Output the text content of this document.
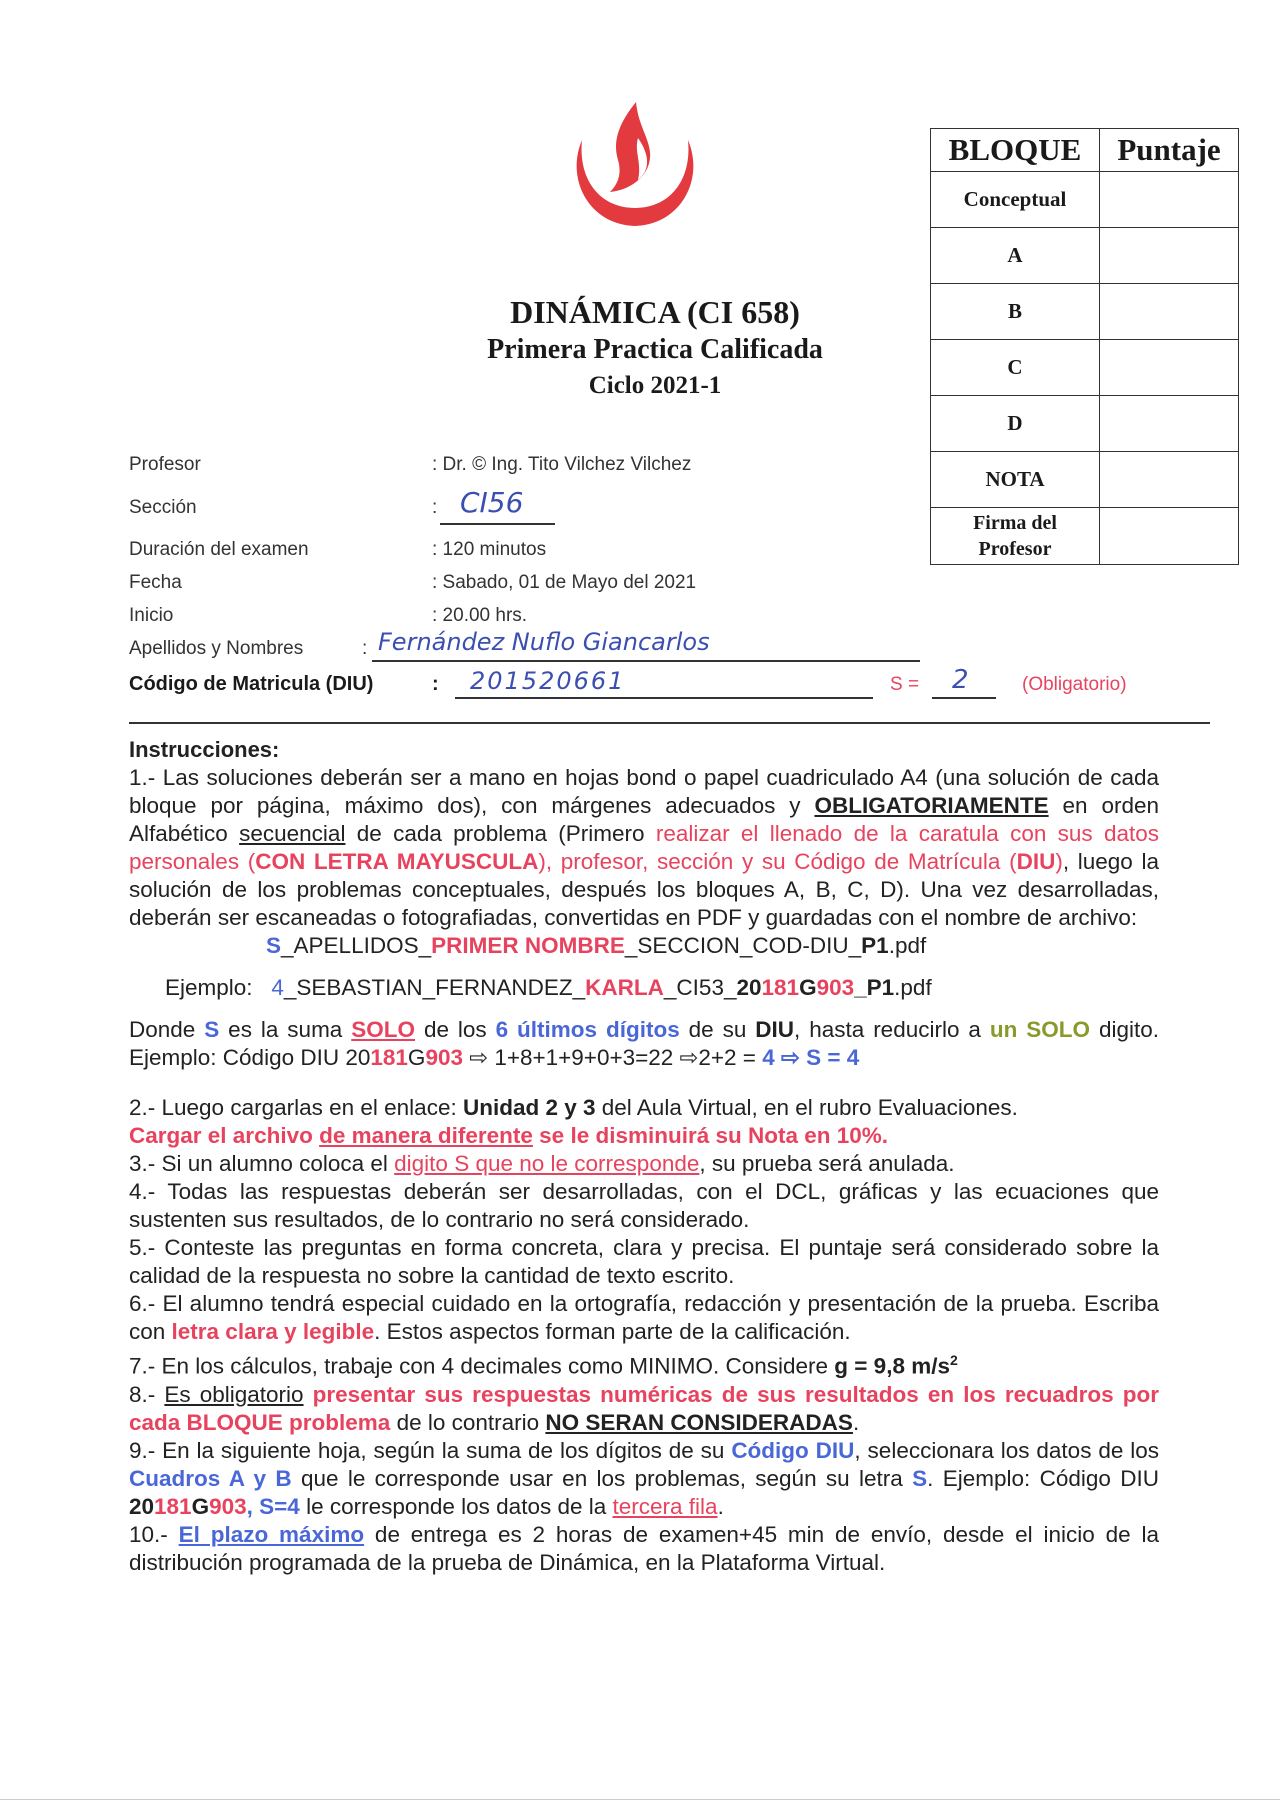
DINÁMICA (CI 658)
Primera Practica Calificada
Ciclo 2021-1
BLOQUE	Puntaje
Conceptual	
A	
B	
C	
D	
NOTA	
Firma del
Profesor	
Profesor	: Dr. © Ing. Tito Vilchez Vilchez
Sección	: CI56
Duración del examen	: 120 minutos
Fecha	: Sabado, 01 de Mayo del 2021
Inicio	: 20.00 hrs.
Apellidos y Nombres	: Fernández Nuflo Giancarlos
Código de Matricula (DIU)	: 201520661	S = 2	(Obligatorio)

Instrucciones:

1.- Las soluciones deberán ser a mano en hojas bond o papel cuadriculado A4 (una solución de cada bloque por página, máximo dos), con márgenes adecuados y OBLIGATORIAMENTE en orden Alfabético secuencial de cada problema (Primero realizar el llenado de la caratula con sus datos personales (CON LETRA MAYUSCULA), profesor, sección y su Código de Matrícula (DIU), luego la solución de los problemas conceptuales, después los bloques A, B, C, D). Una vez desarrolladas, deberán ser escaneadas o fotografiadas, convertidas en PDF y guardadas con el nombre de archivo:

S_APELLIDOS_PRIMER NOMBRE_SECCION_COD-DIU_P1.pdf

Ejemplo: 4_SEBASTIAN_FERNANDEZ_KARLA_CI53_20181G903_P1.pdf

Donde S es la suma SOLO de los 6 últimos dígitos de su DIU, hasta reducirlo a un SOLO digito. Ejemplo: Código DIU 20181G903 ⇨ 1+8+1+9+0+3=22 ⇨2+2 = 4 ⇨ S = 4

2.- Luego cargarlas en el enlace: Unidad 2 y 3 del Aula Virtual, en el rubro Evaluaciones.
Cargar el archivo de manera diferente se le disminuirá su Nota en 10%.

3.- Si un alumno coloca el digito S que no le corresponde, su prueba será anulada.

4.- Todas las respuestas deberán ser desarrolladas, con el DCL, gráficas y las ecuaciones que sustenten sus resultados, de lo contrario no será considerado.

5.- Conteste las preguntas en forma concreta, clara y precisa. El puntaje será considerado sobre la calidad de la respuesta no sobre la cantidad de texto escrito.

6.- El alumno tendrá especial cuidado en la ortografía, redacción y presentación de la prueba. Escriba con letra clara y legible. Estos aspectos forman parte de la calificación.

7.- En los cálculos, trabaje con 4 decimales como MINIMO. Considere g = 9,8 $m/s^2$

8.- Es obligatorio presentar sus respuestas numéricas de sus resultados en los recuadros por cada BLOQUE problema de lo contrario NO SERAN CONSIDERADAS.

9.- En la siguiente hoja, según la suma de los dígitos de su Código DIU, seleccionara los datos de los Cuadros A y B que le corresponde usar en los problemas, según su letra S. Ejemplo: Código DIU 20181G903, S=4 le corresponde los datos de la tercera fila.

10.- El plazo máximo de entrega es 2 horas de examen+45 min de envío, desde el inicio de la distribución programada de la prueba de Dinámica, en la Plataforma Virtual.
